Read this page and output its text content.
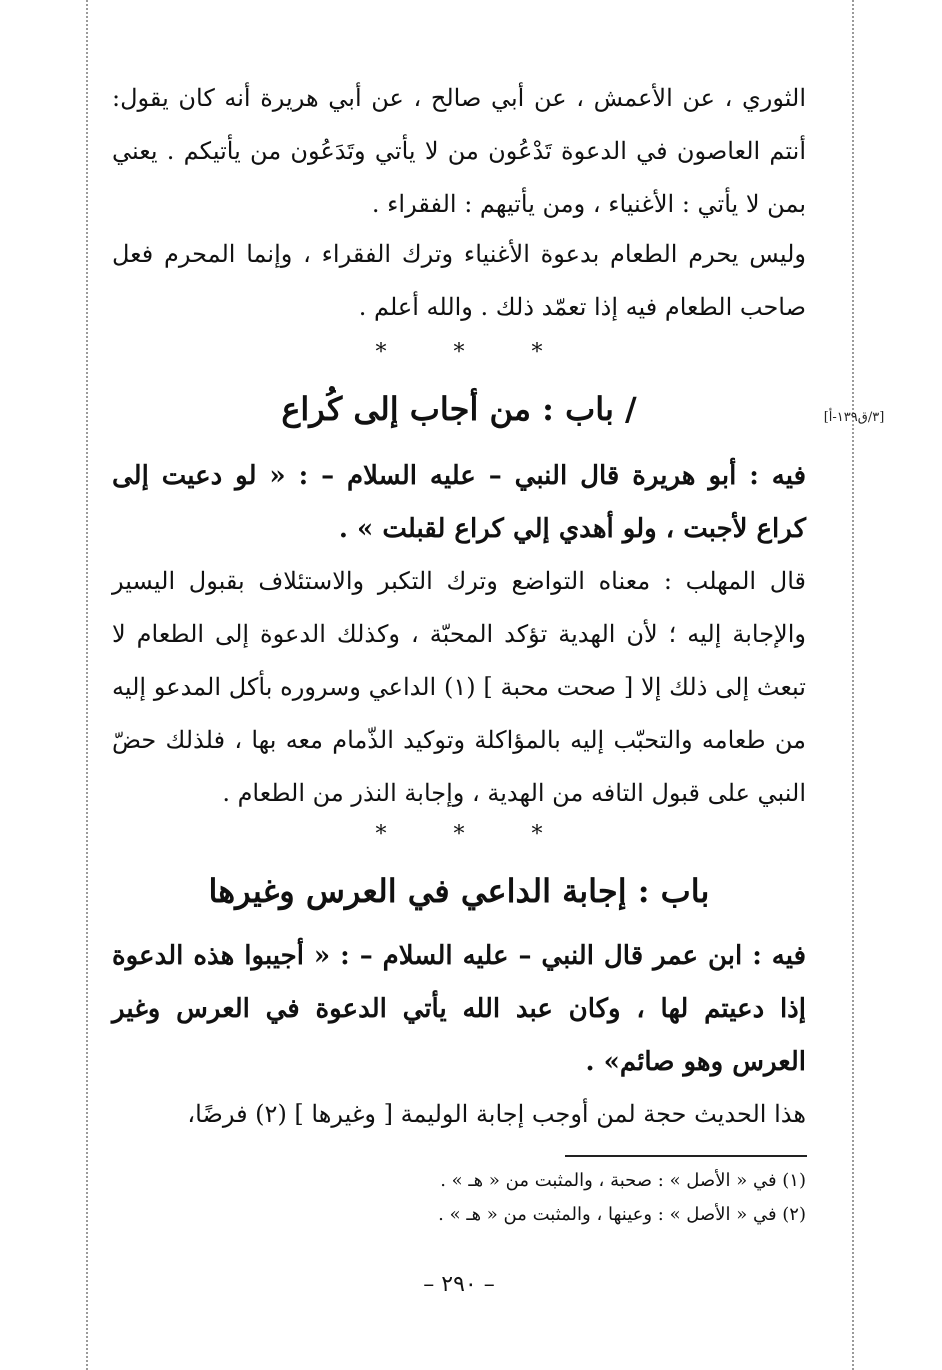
الثوري ، عن الأعمش ، عن أبي صالح ، عن أبي هريرة أنه كان يقول: أنتم العاصون في الدعوة تَدْعُون من لا يأتي وتَدَعُون من يأتيكم . يعني بمن لا يأتي : الأغنياء ، ومن يأتيهم : الفقراء .
وليس يحرم الطعام بدعوة الأغنياء وترك الفقراء ، وإنما المحرم فعل صاحب الطعام فيه إذا تعمّد ذلك . والله أعلم .
*	*	*
/ باب : من أجاب إلى كُراع	[٣/ق١٣٩-أ]
فيه : أبو هريرة قال النبي – عليه السلام – : « لو دعيت إلى كراع لأجبت ، ولو أهدي إلي كراع لقبلت » .
قال المهلب : معناه التواضع وترك التكبر والاستئلاف بقبول اليسير والإجابة إليه ؛ لأن الهدية تؤكد المحبّة ، وكذلك الدعوة إلى الطعام لا تبعث إلى ذلك إلا [ صحت محبة ] (١) الداعي وسروره بأكل المدعو إليه من طعامه والتحبّب إليه بالمؤاكلة وتوكيد الذّمام معه بها ، فلذلك حضّ النبي على قبول التافه من الهدية ، وإجابة النذر من الطعام .
*	*	*
باب : إجابة الداعي في العرس وغيرها
فيه : ابن عمر قال النبي – عليه السلام – : « أجيبوا هذه الدعوة إذا دعيتم لها ، وكان عبد الله يأتي الدعوة في العرس وغير العرس وهو صائم» .
هذا الحديث حجة لمن أوجب إجابة الوليمة [ وغيرها ] (٢) فرضًا،
(١) في « الأصل » : صحبة ، والمثبت من « هـ » .
(٢) في « الأصل » : وعينها ، والمثبت من « هـ » .
– ٢٩٠ –
